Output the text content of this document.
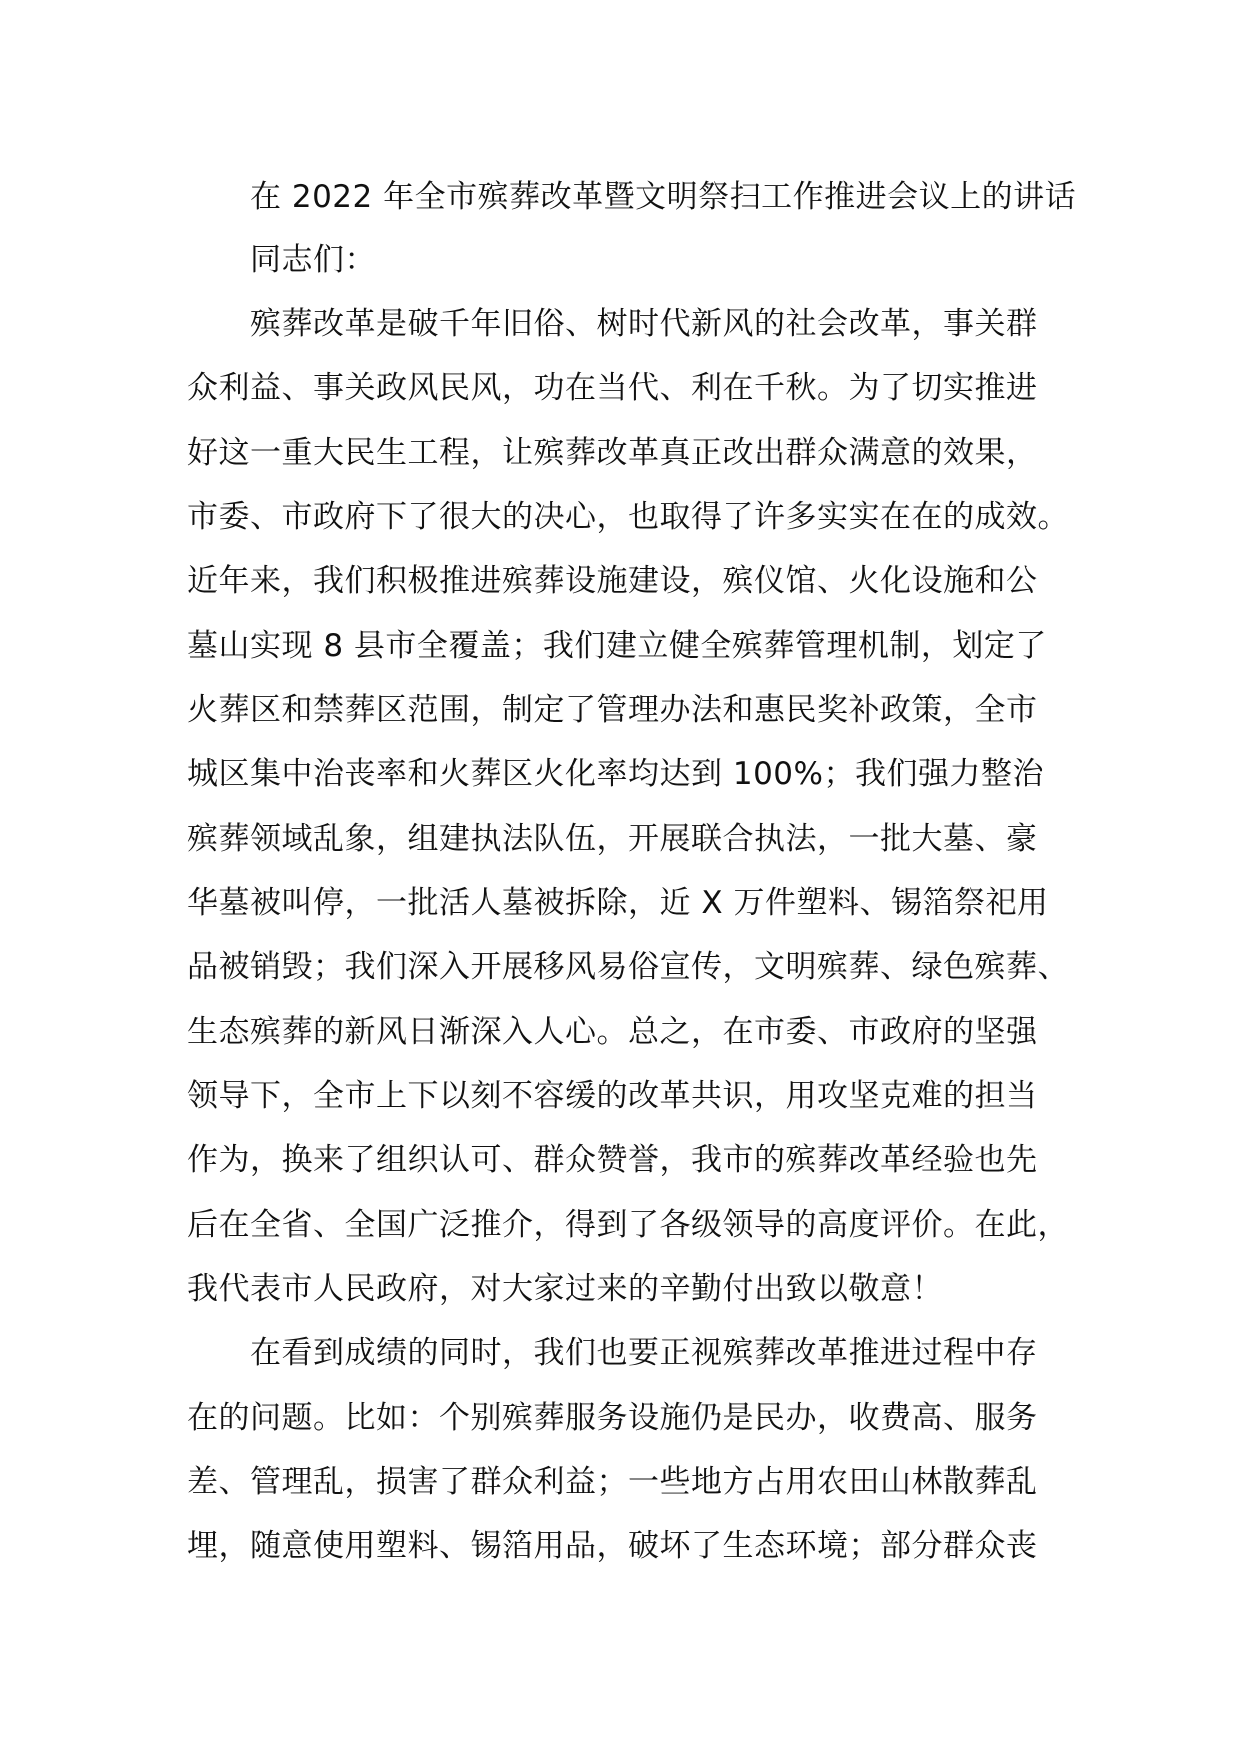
在 2022 年全市殡葬改革暨文明祭扫工作推进会议上的讲话
同志们：
殡葬改革是破千年旧俗、树时代新风的社会改革，事关群
众利益、事关政风民风，功在当代、利在千秋。为了切实推进
好这一重大民生工程，让殡葬改革真正改出群众满意的效果，
市委、市政府下了很大的决心，也取得了许多实实在在的成效。
近年来，我们积极推进殡葬设施建设，殡仪馆、火化设施和公
墓山实现 8 县市全覆盖；我们建立健全殡葬管理机制，划定了
火葬区和禁葬区范围，制定了管理办法和惠民奖补政策，全市
城区集中治丧率和火葬区火化率均达到 100%；我们强力整治
殡葬领域乱象，组建执法队伍，开展联合执法，一批大墓、豪
华墓被叫停，一批活人墓被拆除，近 X 万件塑料、锡箔祭祀用
品被销毁；我们深入开展移风易俗宣传，文明殡葬、绿色殡葬、
生态殡葬的新风日渐深入人心。总之，在市委、市政府的坚强
领导下，全市上下以刻不容缓的改革共识，用攻坚克难的担当
作为，换来了组织认可、群众赞誉，我市的殡葬改革经验也先
后在全省、全国广泛推介，得到了各级领导的高度评价。在此，
我代表市人民政府，对大家过来的辛勤付出致以敬意！
在看到成绩的同时，我们也要正视殡葬改革推进过程中存
在的问题。比如：个别殡葬服务设施仍是民办，收费高、服务
差、管理乱，损害了群众利益；一些地方占用农田山林散葬乱
埋，随意使用塑料、锡箔用品，破坏了生态环境；部分群众丧
